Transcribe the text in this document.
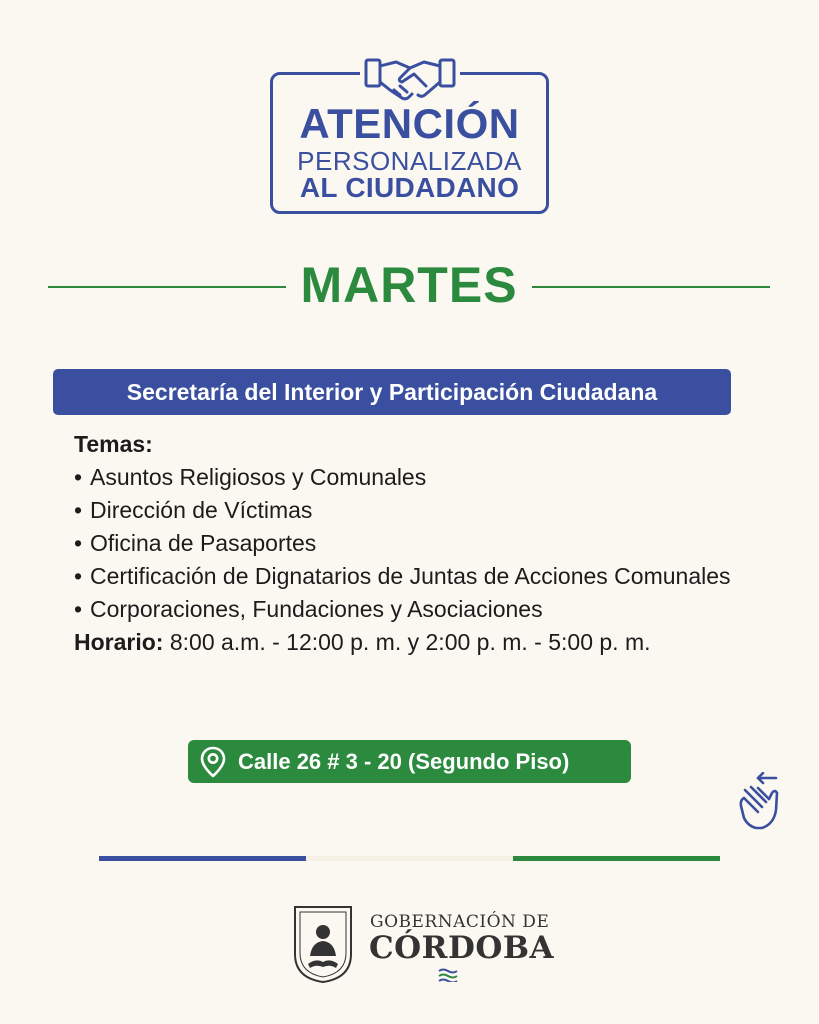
ATENCIÓN
PERSONALIZADA
AL CIUDADANO
MARTES
Secretaría del Interior y Participación Ciudadana
Temas:
• Asuntos Religiosos y Comunales
• Dirección de Víctimas
• Oficina de Pasaportes
• Certificación de Dignatarios de Juntas de Acciones Comunales
• Corporaciones, Fundaciones y Asociaciones
Horario: 8:00 a.m. - 12:00 p. m. y 2:00 p. m. - 5:00 p. m.
Calle 26 # 3 - 20 (Segundo Piso)
GOBERNACIÓN DE
CÓRDOBA
